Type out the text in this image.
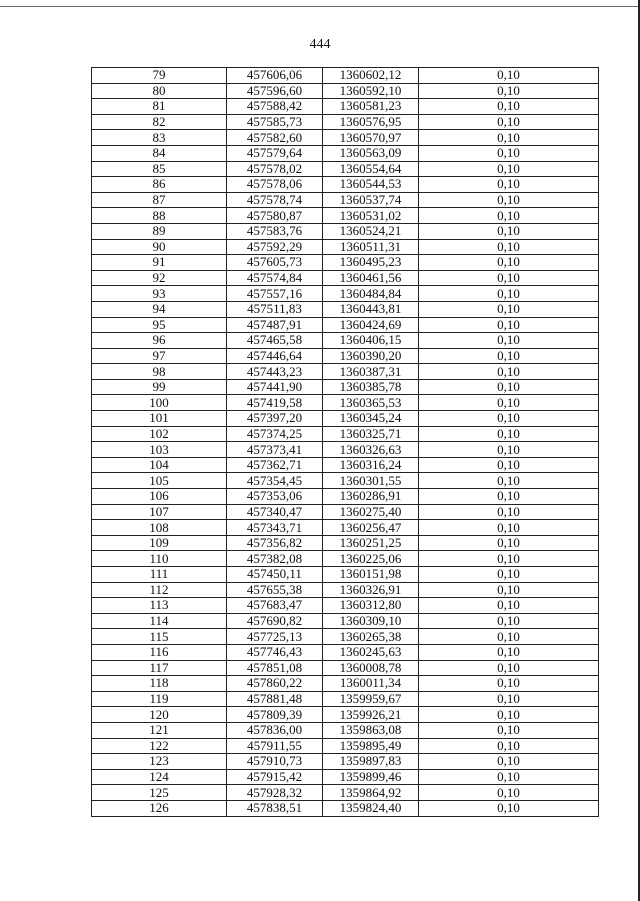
444
79	457606,06	1360602,12	0,10
80	457596,60	1360592,10	0,10
81	457588,42	1360581,23	0,10
82	457585,73	1360576,95	0,10
83	457582,60	1360570,97	0,10
84	457579,64	1360563,09	0,10
85	457578,02	1360554,64	0,10
86	457578,06	1360544,53	0,10
87	457578,74	1360537,74	0,10
88	457580,87	1360531,02	0,10
89	457583,76	1360524,21	0,10
90	457592,29	1360511,31	0,10
91	457605,73	1360495,23	0,10
92	457574,84	1360461,56	0,10
93	457557,16	1360484,84	0,10
94	457511,83	1360443,81	0,10
95	457487,91	1360424,69	0,10
96	457465,58	1360406,15	0,10
97	457446,64	1360390,20	0,10
98	457443,23	1360387,31	0,10
99	457441,90	1360385,78	0,10
100	457419,58	1360365,53	0,10
101	457397,20	1360345,24	0,10
102	457374,25	1360325,71	0,10
103	457373,41	1360326,63	0,10
104	457362,71	1360316,24	0,10
105	457354,45	1360301,55	0,10
106	457353,06	1360286,91	0,10
107	457340,47	1360275,40	0,10
108	457343,71	1360256,47	0,10
109	457356,82	1360251,25	0,10
110	457382,08	1360225,06	0,10
111	457450,11	1360151,98	0,10
112	457655,38	1360326,91	0,10
113	457683,47	1360312,80	0,10
114	457690,82	1360309,10	0,10
115	457725,13	1360265,38	0,10
116	457746,43	1360245,63	0,10
117	457851,08	1360008,78	0,10
118	457860,22	1360011,34	0,10
119	457881,48	1359959,67	0,10
120	457809,39	1359926,21	0,10
121	457836,00	1359863,08	0,10
122	457911,55	1359895,49	0,10
123	457910,73	1359897,83	0,10
124	457915,42	1359899,46	0,10
125	457928,32	1359864,92	0,10
126	457838,51	1359824,40	0,10
